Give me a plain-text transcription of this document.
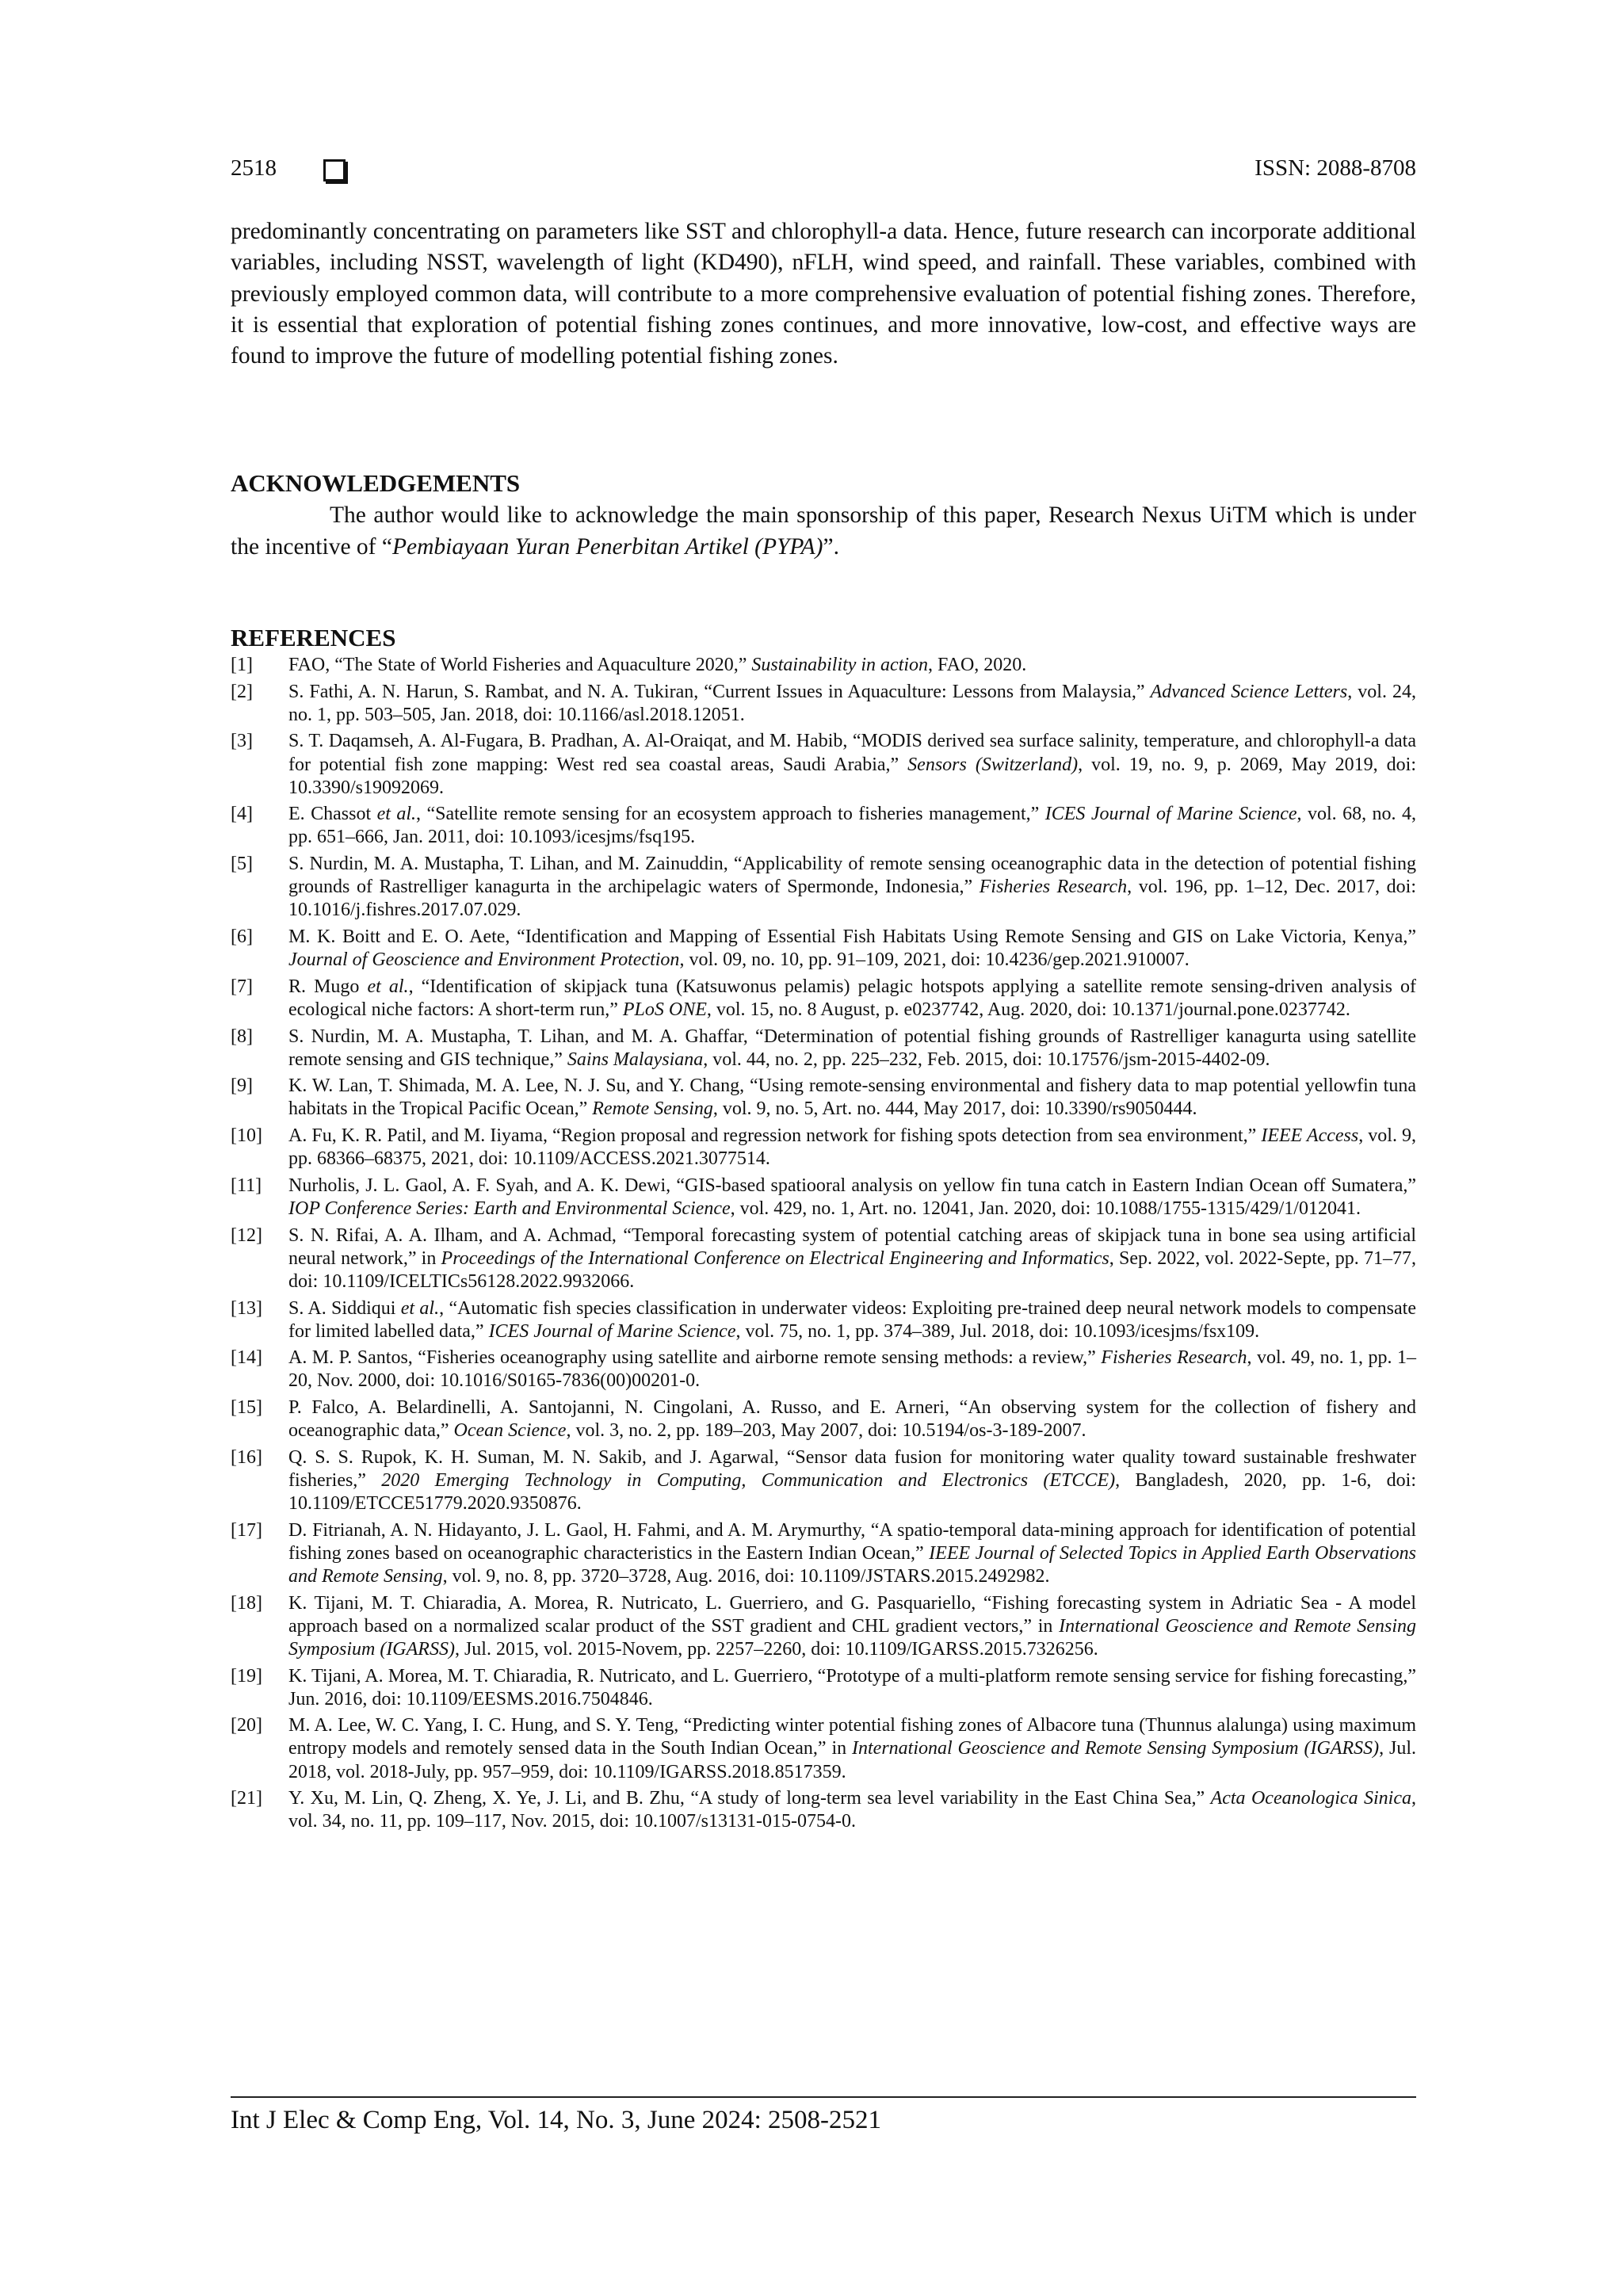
2518	ISSN: 2088-8708

predominantly concentrating on parameters like SST and chlorophyll-a data. Hence, future research can incorporate additional variables, including NSST, wavelength of light (KD490), nFLH, wind speed, and rainfall. These variables, combined with previously employed common data, will contribute to a more comprehensive evaluation of potential fishing zones. Therefore, it is essential that exploration of potential fishing zones continues, and more innovative, low-cost, and effective ways are found to improve the future of modelling potential fishing zones.

ACKNOWLEDGEMENTS

The author would like to acknowledge the main sponsorship of this paper, Research Nexus UiTM which is under the incentive of “Pembiayaan Yuran Penerbitan Artikel (PYPA)”.

REFERENCES
[1] FAO, “The State of World Fisheries and Aquaculture 2020,” Sustainability in action, FAO, 2020.
[2] S. Fathi, A. N. Harun, S. Rambat, and N. A. Tukiran, “Current Issues in Aquaculture: Lessons from Malaysia,” Advanced Science Letters, vol. 24, no. 1, pp. 503–505, Jan. 2018, doi: 10.1166/asl.2018.12051.
[3] S. T. Daqamseh, A. Al-Fugara, B. Pradhan, A. Al-Oraiqat, and M. Habib, “MODIS derived sea surface salinity, temperature, and chlorophyll-a data for potential fish zone mapping: West red sea coastal areas, Saudi Arabia,” Sensors (Switzerland), vol. 19, no. 9, p. 2069, May 2019, doi: 10.3390/s19092069.
[4] E. Chassot et al., “Satellite remote sensing for an ecosystem approach to fisheries management,” ICES Journal of Marine Science, vol. 68, no. 4, pp. 651–666, Jan. 2011, doi: 10.1093/icesjms/fsq195.
[5] S. Nurdin, M. A. Mustapha, T. Lihan, and M. Zainuddin, “Applicability of remote sensing oceanographic data in the detection of potential fishing grounds of Rastrelliger kanagurta in the archipelagic waters of Spermonde, Indonesia,” Fisheries Research, vol. 196, pp. 1–12, Dec. 2017, doi: 10.1016/j.fishres.2017.07.029.
[6] M. K. Boitt and E. O. Aete, “Identification and Mapping of Essential Fish Habitats Using Remote Sensing and GIS on Lake Victoria, Kenya,” Journal of Geoscience and Environment Protection, vol. 09, no. 10, pp. 91–109, 2021, doi: 10.4236/gep.2021.910007.
[7] R. Mugo et al., “Identification of skipjack tuna (Katsuwonus pelamis) pelagic hotspots applying a satellite remote sensing-driven analysis of ecological niche factors: A short-term run,” PLoS ONE, vol. 15, no. 8 August, p. e0237742, Aug. 2020, doi: 10.1371/journal.pone.0237742.
[8] S. Nurdin, M. A. Mustapha, T. Lihan, and M. A. Ghaffar, “Determination of potential fishing grounds of Rastrelliger kanagurta using satellite remote sensing and GIS technique,” Sains Malaysiana, vol. 44, no. 2, pp. 225–232, Feb. 2015, doi: 10.17576/jsm-2015-4402-09.
[9] K. W. Lan, T. Shimada, M. A. Lee, N. J. Su, and Y. Chang, “Using remote-sensing environmental and fishery data to map potential yellowfin tuna habitats in the Tropical Pacific Ocean,” Remote Sensing, vol. 9, no. 5, Art. no. 444, May 2017, doi: 10.3390/rs9050444.
[10] A. Fu, K. R. Patil, and M. Iiyama, “Region proposal and regression network for fishing spots detection from sea environment,” IEEE Access, vol. 9, pp. 68366–68375, 2021, doi: 10.1109/ACCESS.2021.3077514.
[11] Nurholis, J. L. Gaol, A. F. Syah, and A. K. Dewi, “GIS-based spatiooral analysis on yellow fin tuna catch in Eastern Indian Ocean off Sumatera,” IOP Conference Series: Earth and Environmental Science, vol. 429, no. 1, Art. no. 12041, Jan. 2020, doi: 10.1088/1755-1315/429/1/012041.
[12] S. N. Rifai, A. A. Ilham, and A. Achmad, “Temporal forecasting system of potential catching areas of skipjack tuna in bone sea using artificial neural network,” in Proceedings of the International Conference on Electrical Engineering and Informatics, Sep. 2022, vol. 2022-Septe, pp. 71–77, doi: 10.1109/ICELTICs56128.2022.9932066.
[13] S. A. Siddiqui et al., “Automatic fish species classification in underwater videos: Exploiting pre-trained deep neural network models to compensate for limited labelled data,” ICES Journal of Marine Science, vol. 75, no. 1, pp. 374–389, Jul. 2018, doi: 10.1093/icesjms/fsx109.
[14] A. M. P. Santos, “Fisheries oceanography using satellite and airborne remote sensing methods: a review,” Fisheries Research, vol. 49, no. 1, pp. 1–20, Nov. 2000, doi: 10.1016/S0165-7836(00)00201-0.
[15] P. Falco, A. Belardinelli, A. Santojanni, N. Cingolani, A. Russo, and E. Arneri, “An observing system for the collection of fishery and oceanographic data,” Ocean Science, vol. 3, no. 2, pp. 189–203, May 2007, doi: 10.5194/os-3-189-2007.
[16] Q. S. S. Rupok, K. H. Suman, M. N. Sakib, and J. Agarwal, “Sensor data fusion for monitoring water quality toward sustainable freshwater fisheries,” 2020 Emerging Technology in Computing, Communication and Electronics (ETCCE), Bangladesh, 2020, pp. 1-6, doi: 10.1109/ETCCE51779.2020.9350876.
[17] D. Fitrianah, A. N. Hidayanto, J. L. Gaol, H. Fahmi, and A. M. Arymurthy, “A spatio-temporal data-mining approach for identification of potential fishing zones based on oceanographic characteristics in the Eastern Indian Ocean,” IEEE Journal of Selected Topics in Applied Earth Observations and Remote Sensing, vol. 9, no. 8, pp. 3720–3728, Aug. 2016, doi: 10.1109/JSTARS.2015.2492982.
[18] K. Tijani, M. T. Chiaradia, A. Morea, R. Nutricato, L. Guerriero, and G. Pasquariello, “Fishing forecasting system in Adriatic Sea - A model approach based on a normalized scalar product of the SST gradient and CHL gradient vectors,” in International Geoscience and Remote Sensing Symposium (IGARSS), Jul. 2015, vol. 2015-Novem, pp. 2257–2260, doi: 10.1109/IGARSS.2015.7326256.
[19] K. Tijani, A. Morea, M. T. Chiaradia, R. Nutricato, and L. Guerriero, “Prototype of a multi-platform remote sensing service for fishing forecasting,” Jun. 2016, doi: 10.1109/EESMS.2016.7504846.
[20] M. A. Lee, W. C. Yang, I. C. Hung, and S. Y. Teng, “Predicting winter potential fishing zones of Albacore tuna (Thunnus alalunga) using maximum entropy models and remotely sensed data in the South Indian Ocean,” in International Geoscience and Remote Sensing Symposium (IGARSS), Jul. 2018, vol. 2018-July, pp. 957–959, doi: 10.1109/IGARSS.2018.8517359.
[21] Y. Xu, M. Lin, Q. Zheng, X. Ye, J. Li, and B. Zhu, “A study of long-term sea level variability in the East China Sea,” Acta Oceanologica Sinica, vol. 34, no. 11, pp. 109–117, Nov. 2015, doi: 10.1007/s13131-015-0754-0.
Int J Elec & Comp Eng, Vol. 14, No. 3, June 2024: 2508-2521
